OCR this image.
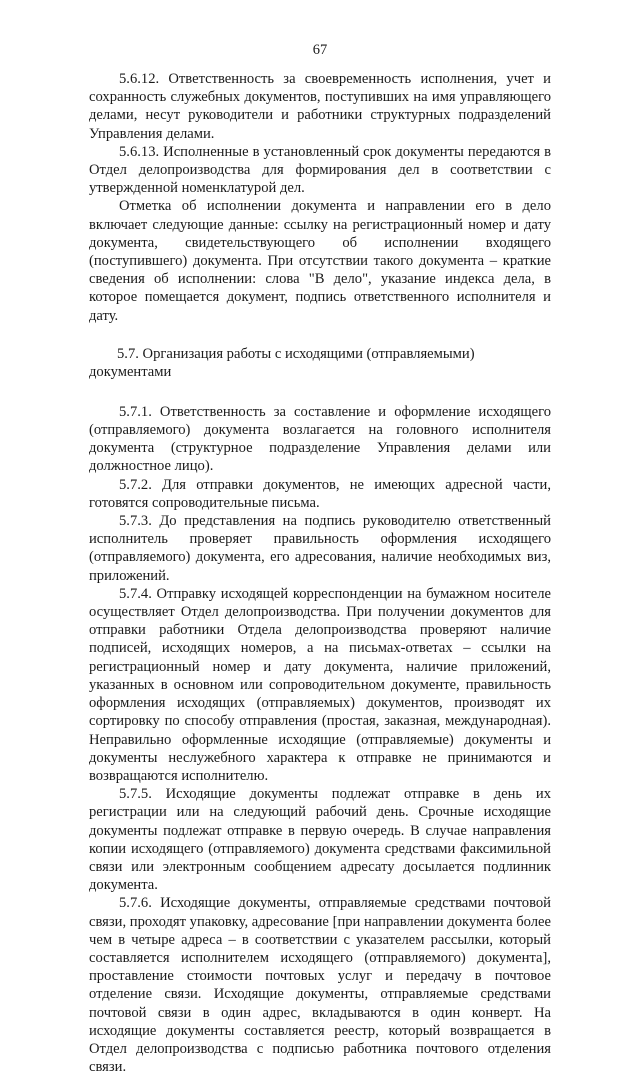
67

5.6.12. Ответственность за своевременность исполнения, учет и сохранность служебных документов, поступивших на имя управляющего делами, несут руководители и работники структурных подразделений Управления делами.

5.6.13. Исполненные в установленный срок документы передаются в Отдел делопроизводства для формирования дел в соответствии с утвержденной номенклатурой дел.

Отметка об исполнении документа и направлении его в дело включает следующие данные: ссылку на регистрационный номер и дату документа, свидетельствующего об исполнении входящего (поступившего) документа. При отсутствии такого документа – краткие сведения об исполнении: слова "В дело", указание индекса дела, в которое помещается документ, подпись ответственного исполнителя и дату.

5.7. Организация работы с исходящими (отправляемыми) документами

5.7.1. Ответственность за составление и оформление исходящего (отправляемого) документа возлагается на головного исполнителя документа (структурное подразделение Управления делами или должностное лицо).

5.7.2. Для отправки документов, не имеющих адресной части, готовятся сопроводительные письма.

5.7.3. До представления на подпись руководителю ответственный исполнитель проверяет правильность оформления исходящего (отправляемого) документа, его адресования, наличие необходимых виз, приложений.

5.7.4. Отправку исходящей корреспонденции на бумажном носителе осуществляет Отдел делопроизводства. При получении документов для отправки работники Отдела делопроизводства проверяют наличие подписей, исходящих номеров, а на письмах-ответах – ссылки на регистрационный номер и дату документа, наличие приложений, указанных в основном или сопроводительном документе, правильность оформления исходящих (отправляемых) документов, производят их сортировку по способу отправления (простая, заказная, международная). Неправильно оформленные исходящие (отправляемые) документы и документы неслужебного характера к отправке не принимаются и возвращаются исполнителю.

5.7.5. Исходящие документы подлежат отправке в день их регистрации или на следующий рабочий день. Срочные исходящие документы подлежат отправке в первую очередь. В случае направления копии исходящего (отправляемого) документа средствами факсимильной связи или электронным сообщением адресату досылается подлинник документа.

5.7.6. Исходящие документы, отправляемые средствами почтовой связи, проходят упаковку, адресование [при направлении документа более чем в четыре адреса – в соответствии с указателем рассылки, который составляется исполнителем исходящего (отправляемого) документа], проставление стоимости почтовых услуг и передачу в почтовое отделение связи. Исходящие документы, отправляемые средствами почтовой связи в один адрес, вкладываются в один конверт. На исходящие документы составляется реестр, который возвращается в Отдел делопроизводства с подписью работника почтового отделения связи.
